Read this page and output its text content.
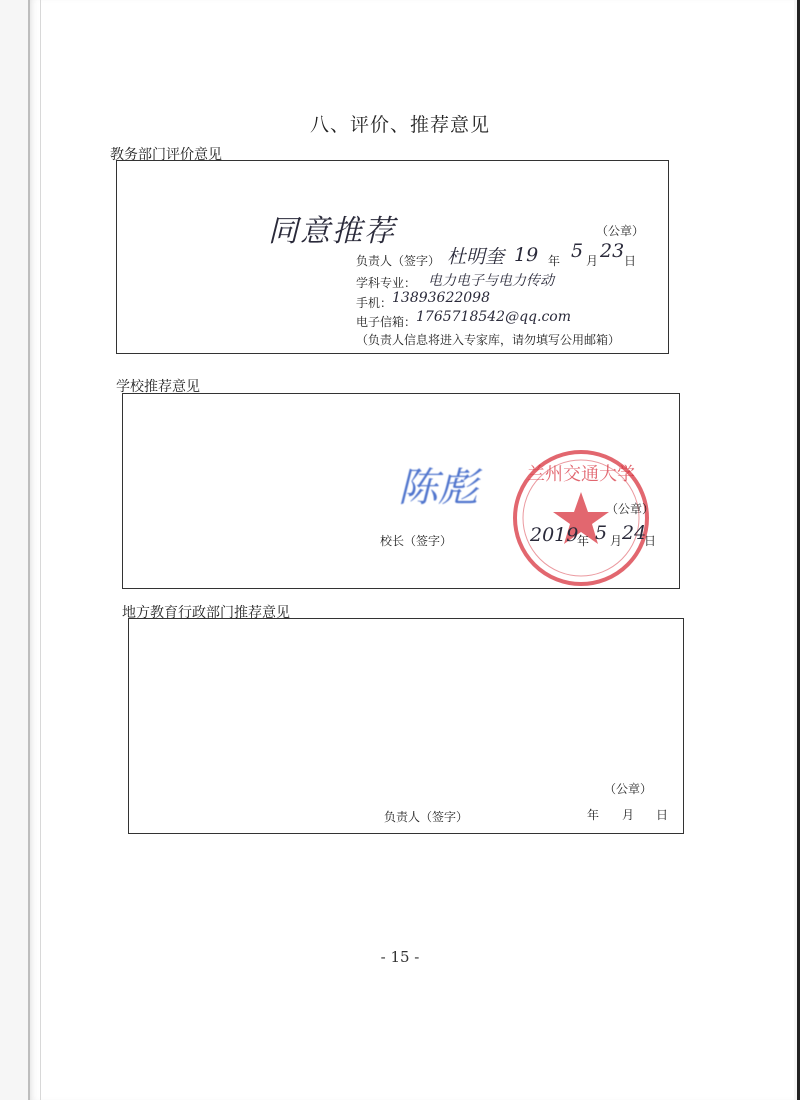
八、评价、推荐意见
教务部门评价意见
同意推荐	（公章）
负责人（签字） 杜明奎 19 年 5 月 23 日
学科专业： 电力电子与电力传动
手机： 13893622098
电子信箱： 1765718542@qq.com
（负责人信息将进入专家库，请勿填写公用邮箱）
学校推荐意见
兰州交通大学
陈彪	（公章）
校长（签字）	2019
年 5 月 24
日
地方教育行政部门推荐意见
（公章）
负责人（签字）	年 月 日
- 15 -
